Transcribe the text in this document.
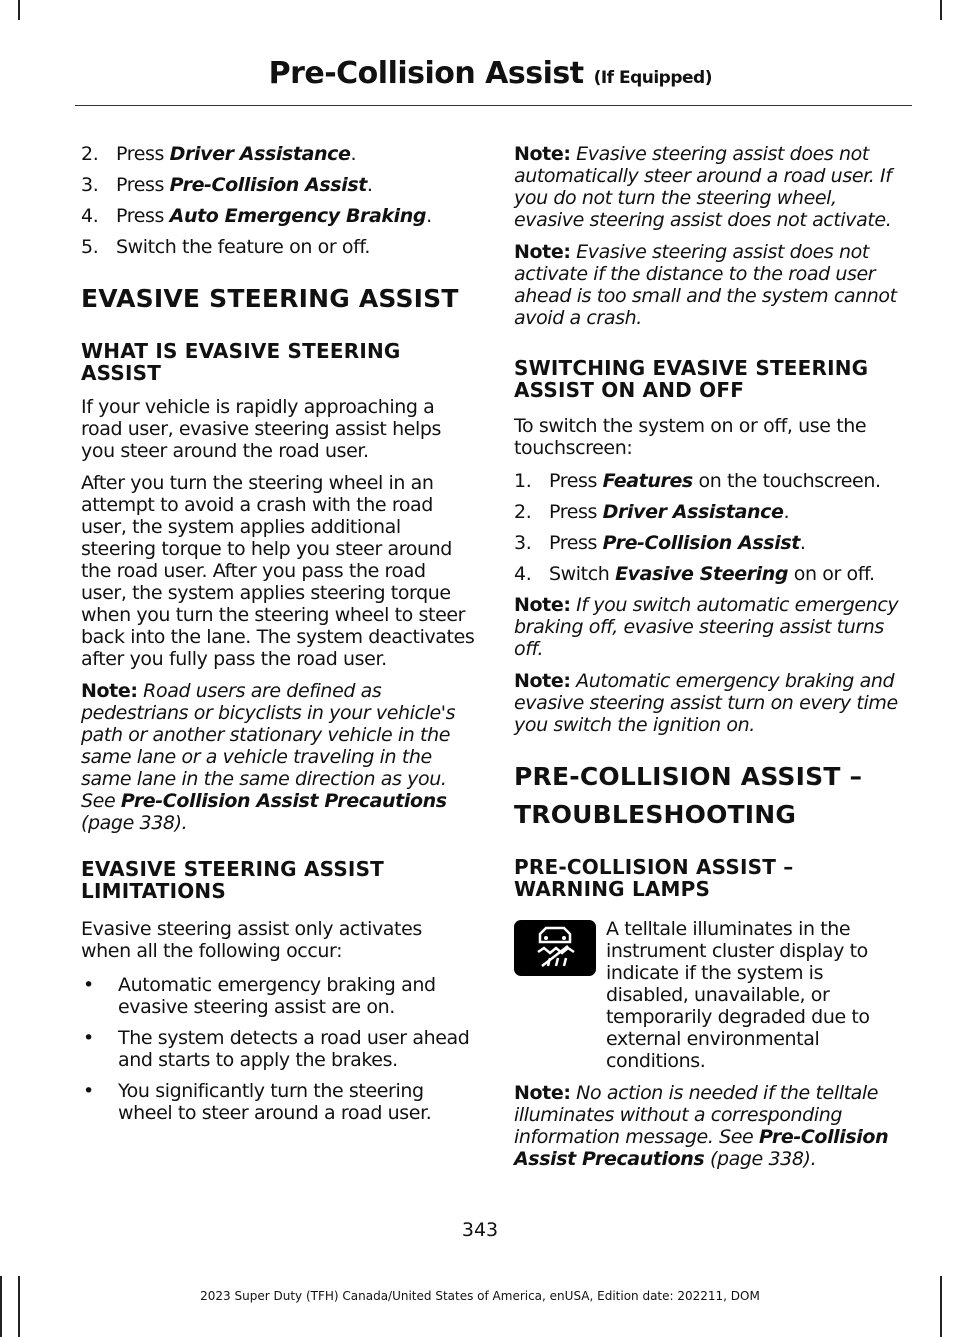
Pre-Collision Assist (If Equipped)
2. Press Driver Assistance.
3. Press Pre-Collision Assist.
4. Press Auto Emergency Braking.
5. Switch the feature on or off.
EVASIVE STEERING ASSIST
WHAT IS EVASIVE STEERING ASSIST

If your vehicle is rapidly approaching a road user, evasive steering assist helps you steer around the road user.

After you turn the steering wheel in an attempt to avoid a crash with the road user, the system applies additional steering torque to help you steer around the road user. After you pass the road user, the system applies steering torque when you turn the steering wheel to steer back into the lane. The system deactivates after you fully pass the road user.

Note: Road users are defined as pedestrians or bicyclists in your vehicle's path or another stationary vehicle in the same lane or a vehicle traveling in the same lane in the same direction as you. See Pre-Collision Assist Precautions (page 338).

EVASIVE STEERING ASSIST LIMITATIONS

Evasive steering assist only activates when all the following occur:

•	Automatic emergency braking and evasive steering assist are on.
•	The system detects a road user ahead and starts to apply the brakes.
•	You significantly turn the steering wheel to steer around a road user.

Note: Evasive steering assist does not automatically steer around a road user. If you do not turn the steering wheel, evasive steering assist does not activate.

Note: Evasive steering assist does not activate if the distance to the road user ahead is too small and the system cannot avoid a crash.

SWITCHING EVASIVE STEERING ASSIST ON AND OFF

To switch the system on or off, use the touchscreen:

1. Press Features on the touchscreen.
2. Press Driver Assistance.
3. Press Pre-Collision Assist.
4. Switch Evasive Steering on or off.

Note: If you switch automatic emergency braking off, evasive steering assist turns off.

Note: Automatic emergency braking and evasive steering assist turn on every time you switch the ignition on.

PRE-COLLISION ASSIST –
TROUBLESHOOTING
PRE-COLLISION ASSIST – WARNING LAMPS

A telltale illuminates in the instrument cluster display to indicate if the system is disabled, unavailable, or temporarily degraded due to external environmental conditions.

Note: No action is needed if the telltale illuminates without a corresponding information message. See Pre-Collision Assist Precautions (page 338).

343
2023 Super Duty (TFH) Canada/United States of America, enUSA, Edition date: 202211, DOM
